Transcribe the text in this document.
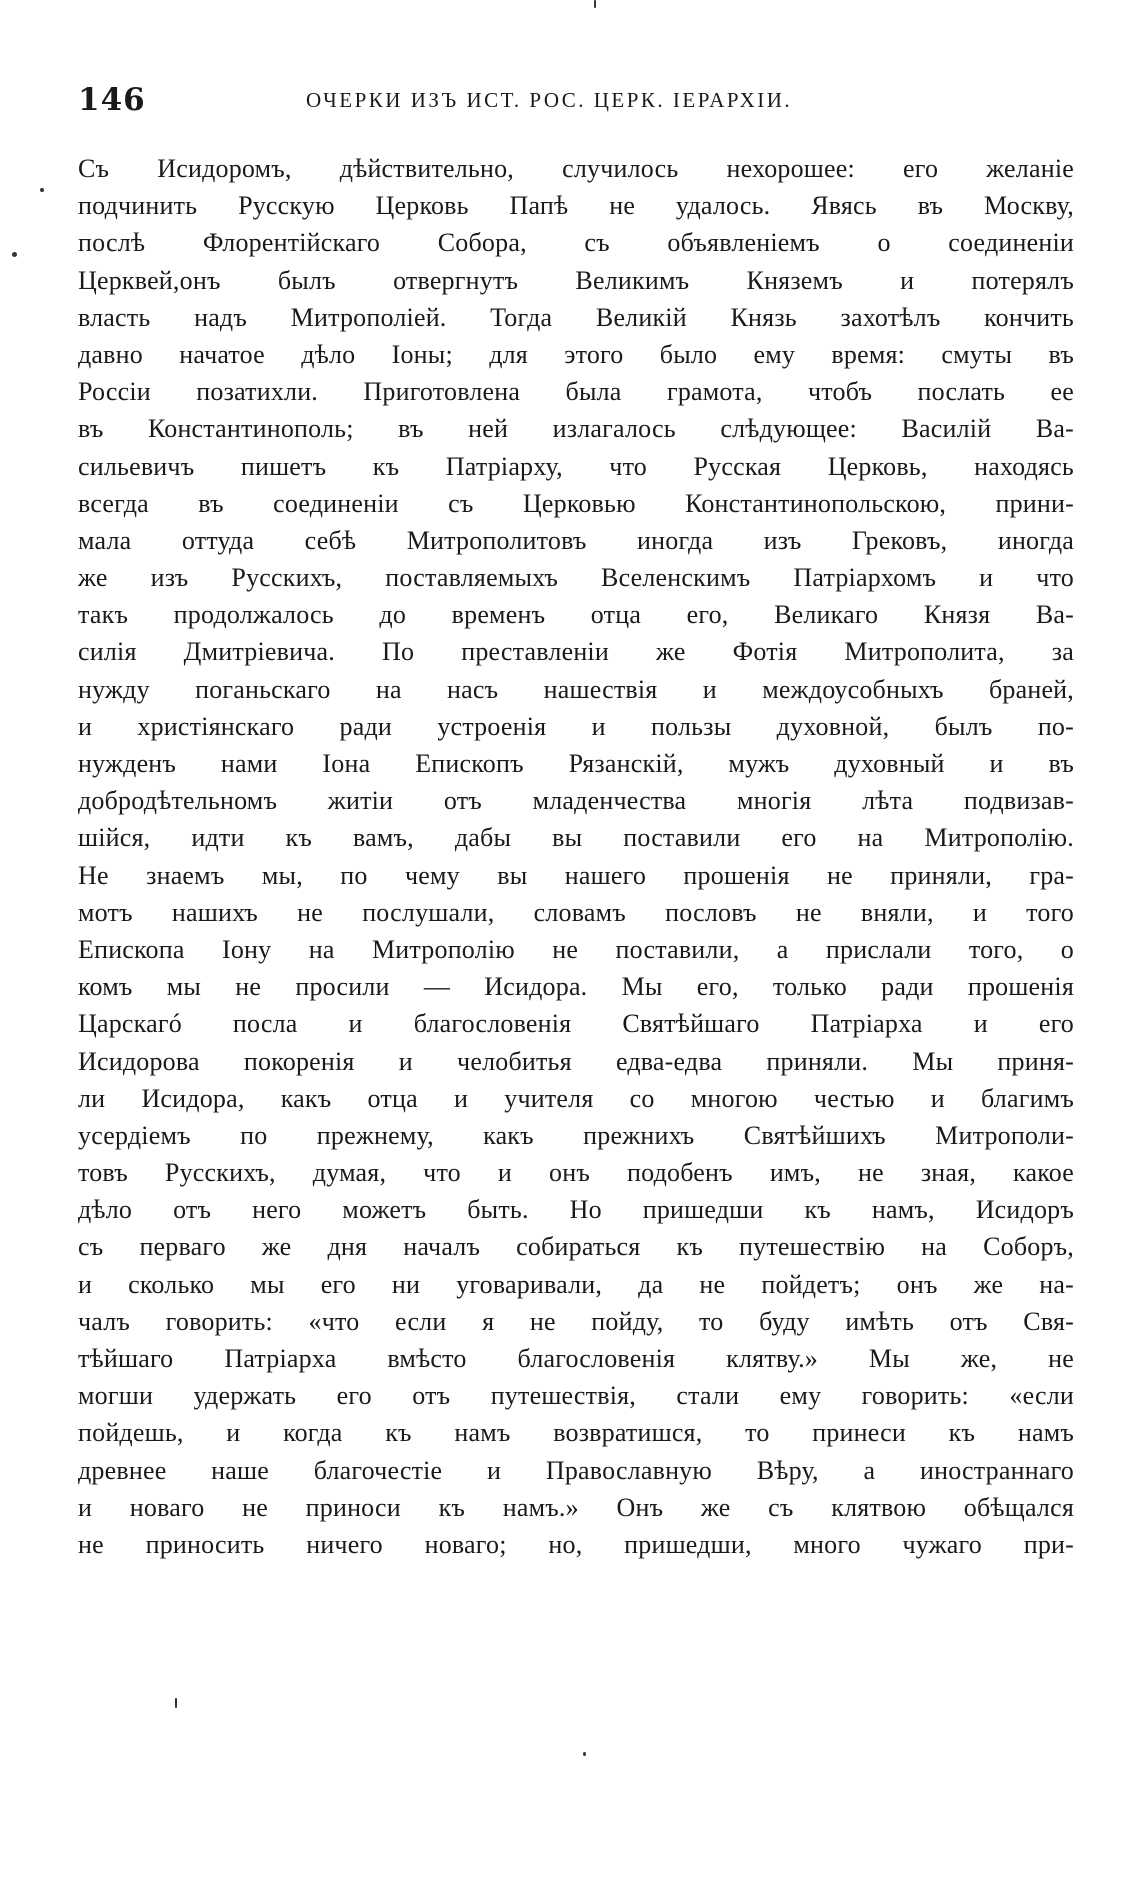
146	ОЧЕРКИ ИЗЪ ИСТ. РОС. ЦЕРК. ІЕРАРХІИ.
Съ Исидоромъ, дѣйствительно, случилось нехорошее: его желаніе
подчинить Русскую Церковь Папѣ не удалось. Явясь въ Москву,
послѣ Флорентійскаго Собора, съ объявленіемъ о соединеніи
Церквей,онъ былъ отвергнутъ Великимъ Княземъ и потерялъ
власть надъ Митрополіей. Тогда Великій Князь захотѣлъ кончить
давно начатое дѣло Іоны; для этого было ему время: смуты въ
Россіи позатихли. Приготовлена была грамота, чтобъ послать ее
въ Константинополь; въ ней излагалось слѣдующее: Василій Ва-
сильевичъ пишетъ къ Патріарху, что Русская Церковь, находясь
всегда въ соединеніи съ Церковью Константинопольскою, прини-
мала оттуда себѣ Митрополитовъ иногда изъ Грековъ, иногда
же изъ Русскихъ, поставляемыхъ Вселенскимъ Патріархомъ и что
такъ продолжалось до временъ отца его, Великаго Князя Ва-
силія Дмитріевича. По преставленіи же Фотія Митрополита, за
нужду поганьскаго на насъ нашествія и междоусобныхъ браней,
и христіянскаго ради устроенія и пользы духовной, былъ по-
нужденъ нами Іона Епископъ Рязанскій, мужъ духовный и въ
добродѣтельномъ житіи отъ младенчества многія лѣта подвизав-
шійся, идти къ вамъ, дабы вы поставили его на Митрополію.
Не знаемъ мы, по чему вы нашего прошенія не приняли, гра-
мотъ нашихъ не послушали, словамъ пословъ не вняли, и того
Епископа Іону на Митрополію не поставили, а прислали того, о
комъ мы не просили — Исидора. Мы его, только ради прошенія
Царскагó посла и благословенія Святѣйшаго Патріарха и его
Исидорова покоренія и челобитья едва-едва приняли. Мы приня-
ли Исидора, какъ отца и учителя со многою честью и благимъ
усердіемъ по прежнему, какъ прежнихъ Святѣйшихъ Митрополи-
товъ Русскихъ, думая, что и онъ подобенъ имъ, не зная, какое
дѣло отъ него можетъ быть. Но пришедши къ намъ, Исидоръ
съ перваго же дня началъ собираться къ путешествію на Соборъ,
и сколько мы его ни уговаривали, да не пойдетъ; онъ же на-
чалъ говорить: «что если я не пойду, то буду имѣть отъ Свя-
тѣйшаго Патріарха вмѣсто благословенія клятву.» Мы же, не
могши удержать его отъ путешествія, стали ему говорить: «если
пойдешь, и когда къ намъ возвратишся, то принеси къ намъ
древнее наше благочестіе и Православную Вѣру, а иностраннаго
и новаго не приноси къ намъ.» Онъ же съ клятвою обѣщался
не приносить ничего новаго; но, пришедши, много чужаго при-
